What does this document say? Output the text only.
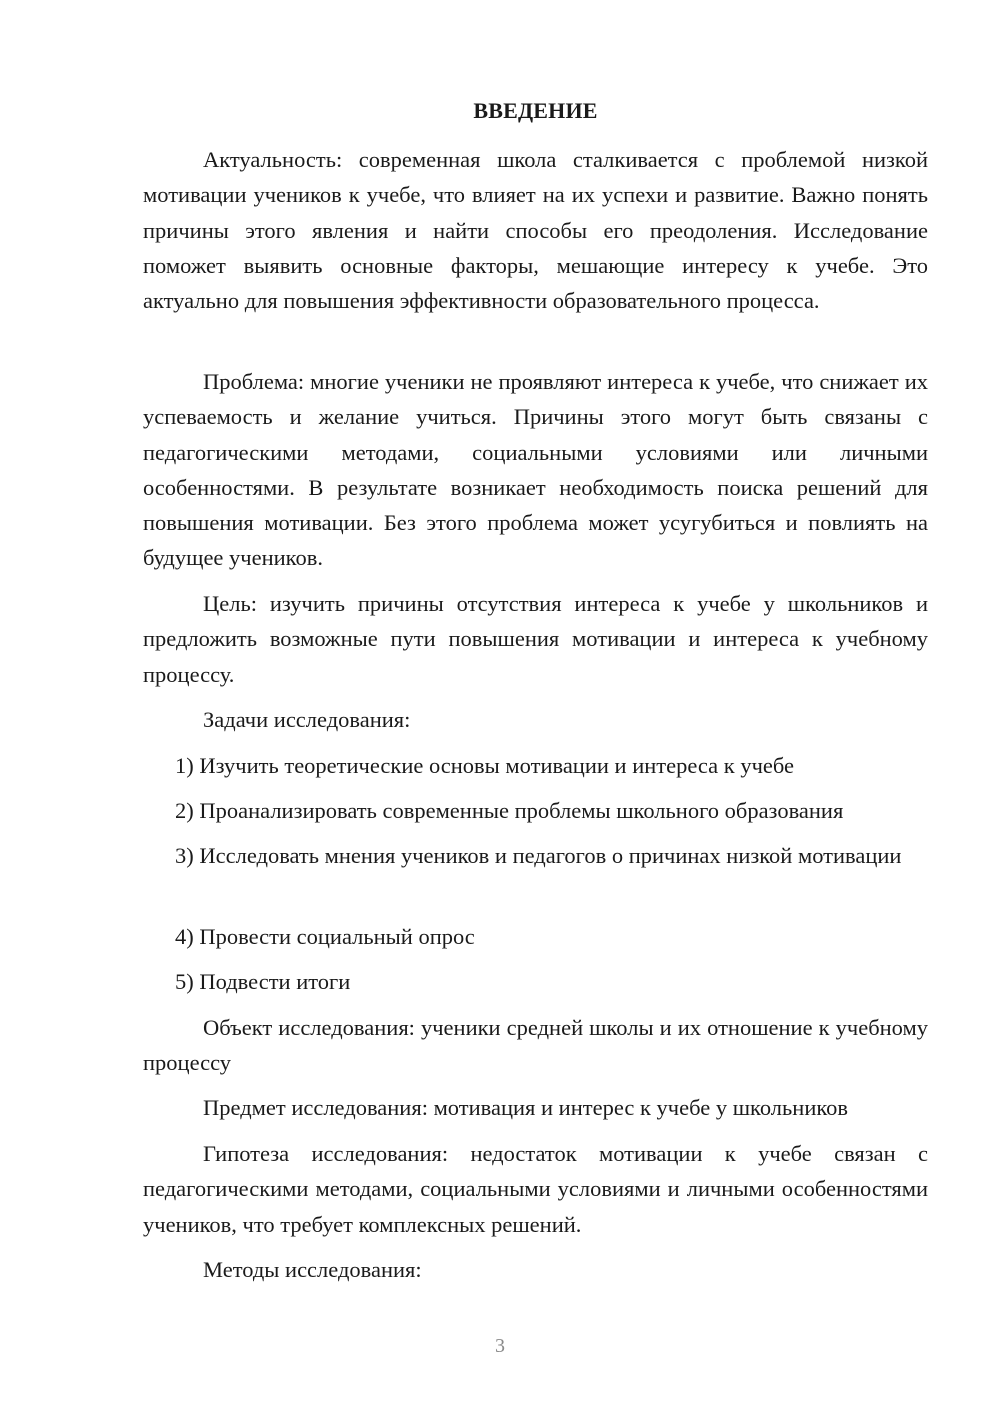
ВВЕДЕНИЕ

Актуальность: современная школа сталкивается с проблемой низкой мотивации учеников к учебе, что влияет на их успехи и развитие. Важно понять причины этого явления и найти способы его преодоления. Исследование поможет выявить основные факторы, мешающие интересу к учебе. Это актуально для повышения эффективности образовательного процесса.

Проблема: многие ученики не проявляют интереса к учебе, что снижает их успеваемость и желание учиться. Причины этого могут быть связаны с педагогическими методами, социальными условиями или личными особенностями. В результате возникает необходимость поиска решений для повышения мотивации. Без этого проблема может усугубиться и повлиять на будущее учеников.

Цель: изучить причины отсутствия интереса к учебе у школьников и предложить возможные пути повышения мотивации и интереса к учебному процессу.

Задачи исследования:

1) Изучить теоретические основы мотивации и интереса к учебе

2) Проанализировать современные проблемы школьного образования

3) Исследовать мнения учеников и педагогов о причинах низкой мотивации

4) Провести социальный опрос

5) Подвести итоги

Объект исследования: ученики средней школы и их отношение к учебному процессу

Предмет исследования: мотивация и интерес к учебе у школьников

Гипотеза исследования: недостаток мотивации к учебе связан с педагогическими методами, социальными условиями и личными особенностями учеников, что требует комплексных решений.

Методы исследования:

3
